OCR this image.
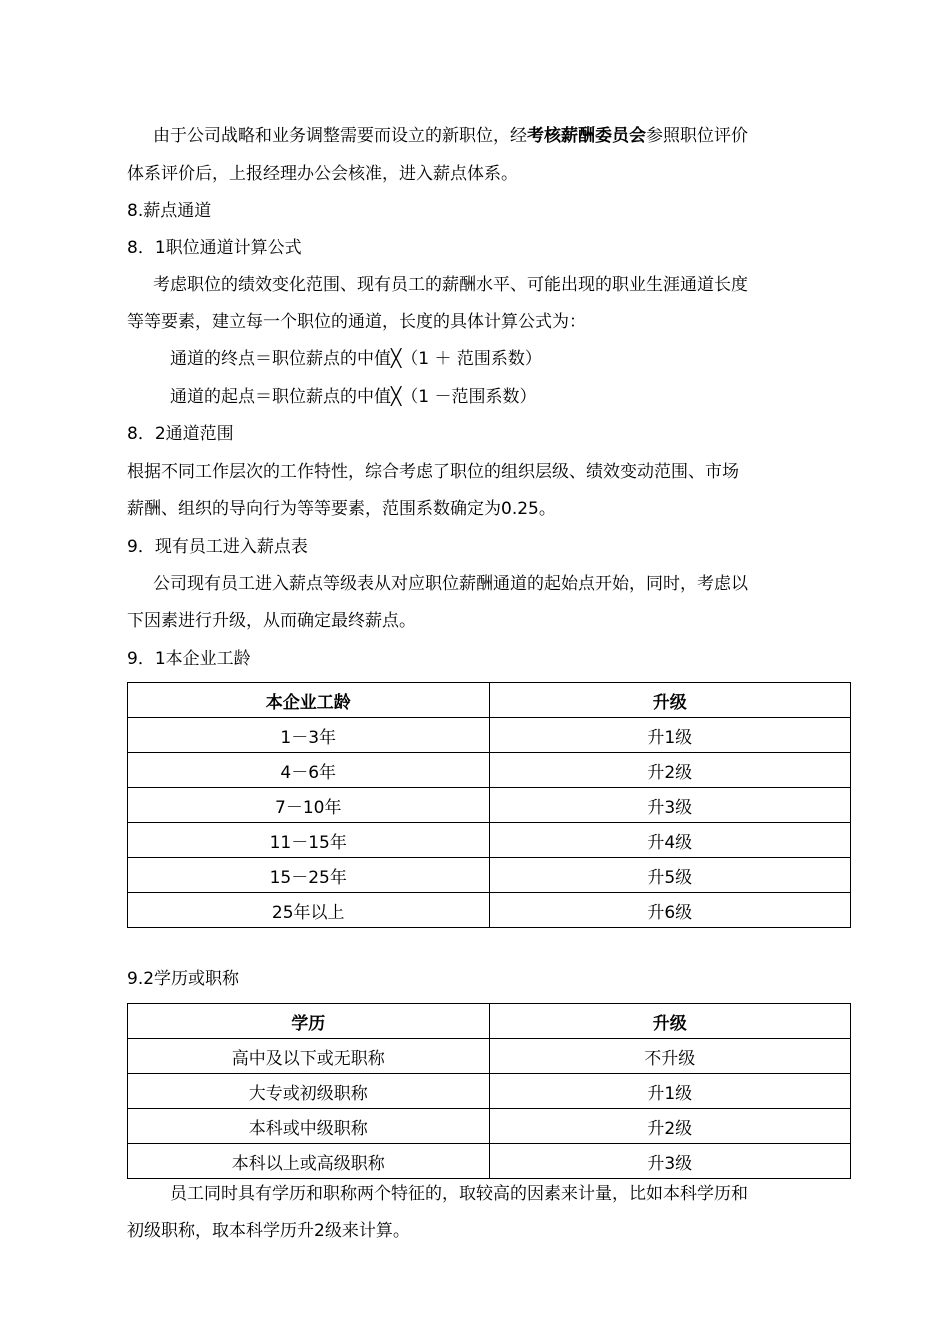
由于公司战略和业务调整需要而设立的新职位，经考核薪酬委员会参照职位评价
体系评价后，上报经理办公会核准，进入薪点体系。
8.薪点通道
8．1职位通道计算公式
考虑职位的绩效变化范围、现有员工的薪酬水平、可能出现的职业生涯通道长度
等等要素，建立每一个职位的通道，长度的具体计算公式为：
通道的终点＝职位薪点的中值╳（1 ＋ 范围系数）
通道的起点＝职位薪点的中值╳（1 －范围系数）
8．2通道范围
根据不同工作层次的工作特性，综合考虑了职位的组织层级、绩效变动范围、市场
薪酬、组织的导向行为等等要素，范围系数确定为0.25。
9．现有员工进入薪点表
公司现有员工进入薪点等级表从对应职位薪酬通道的起始点开始，同时，考虑以
下因素进行升级，从而确定最终薪点。
9．1本企业工龄
本企业工龄	升级
1－3年	升1级
4－6年	升2级
7－10年	升3级
11－15年	升4级
15－25年	升5级
25年以上	升6级
9.2学历或职称
学历	升级
高中及以下或无职称	不升级
大专或初级职称	升1级
本科或中级职称	升2级
本科以上或高级职称	升3级
员工同时具有学历和职称两个特征的，取较高的因素来计量，比如本科学历和
初级职称，取本科学历升2级来计算。
